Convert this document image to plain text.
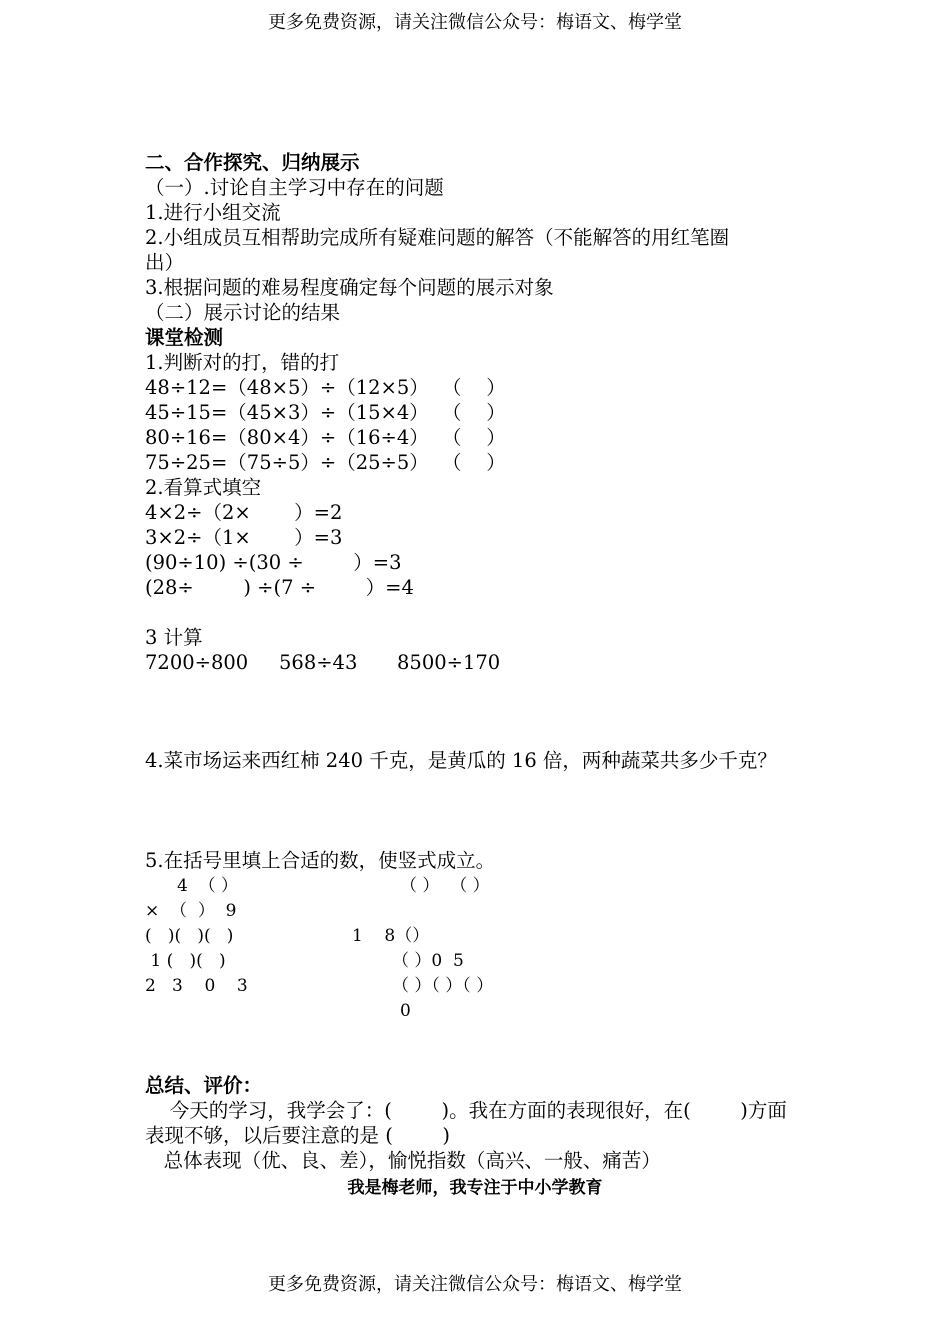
更多免费资源，请关注微信公众号：梅语文、梅学堂
二、合作探究、归纳展示
（一）.讨论自主学习中存在的问题
1.进行小组交流
2.小组成员互相帮助完成所有疑难问题的解答（不能解答的用红笔圈
出）
3.根据问题的难易程度确定每个问题的展示对象
（二）展示讨论的结果
课堂检测
1.判断对的打，错的打
48÷12=（48×5）÷（12×5） （    ）
45÷15=（45×3）÷（15×4） （    ）
80÷16=（80×4）÷（16÷4） （    ）
75÷25=（75÷5）÷（25÷5） （    ）
2.看算式填空
4×2÷（2×       ）=2
3×2÷（1×       ）=3
(90÷10) ÷(30 ÷        ）=3
(28÷        ) ÷(7 ÷        ）=4
3 计算
7200÷800 568÷43 8500÷170
4.菜市场运来西红柿 240 千克，是黄瓜的 16 倍，两种蔬菜共多少千克？
5.在括号里填上合适的数，使竖式成立。
4  （ ）
×  （  ）  9
(   )(   )(   )
1 (   )(   )
2   3    0    3
（ ）  （ ）
1    8（）
（ ）0  5
（ ）（ ）（ ）
0
总结、评价：
今天的学习，我学会了：(        )。我在方面的表现很好，在(        )方面
表现不够，以后要注意的是 (        )
总体表现（优、良、差），愉悦指数（高兴、一般、痛苦）
我是梅老师，我专注于中小学教育
更多免费资源，请关注微信公众号：梅语文、梅学堂
